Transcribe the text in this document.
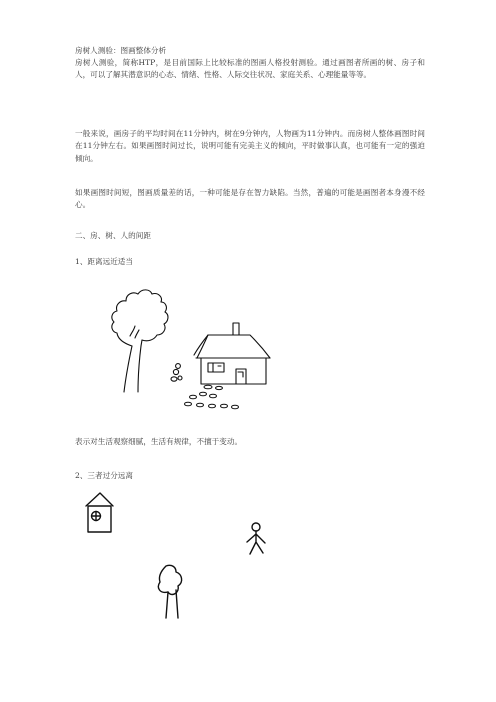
房树人测验：图画整体分析
房树人测验，简称HTP，是目前国际上比较标准的图画人格投射测验。通过画图者所画的树、房子和人，可以了解其潜意识的心态、情绪、性格、人际交往状况、家庭关系、心理能量等等。
一般来说，画房子的平均时间在11分钟内，树在9分钟内，人物画为11分钟内。而房树人整体画图时间在11分钟左右。如果画图时间过长，说明可能有完美主义的倾向，平时做事认真，也可能有一定的强迫倾向。
如果画图时间短，图画质量差的话，一种可能是存在智力缺陷。当然，普遍的可能是画图者本身漫不经心。
二、房、树、人的间距
1、距离远近适当
表示对生活观察细腻，生活有规律，不擅于变动。
2、三者过分远离
